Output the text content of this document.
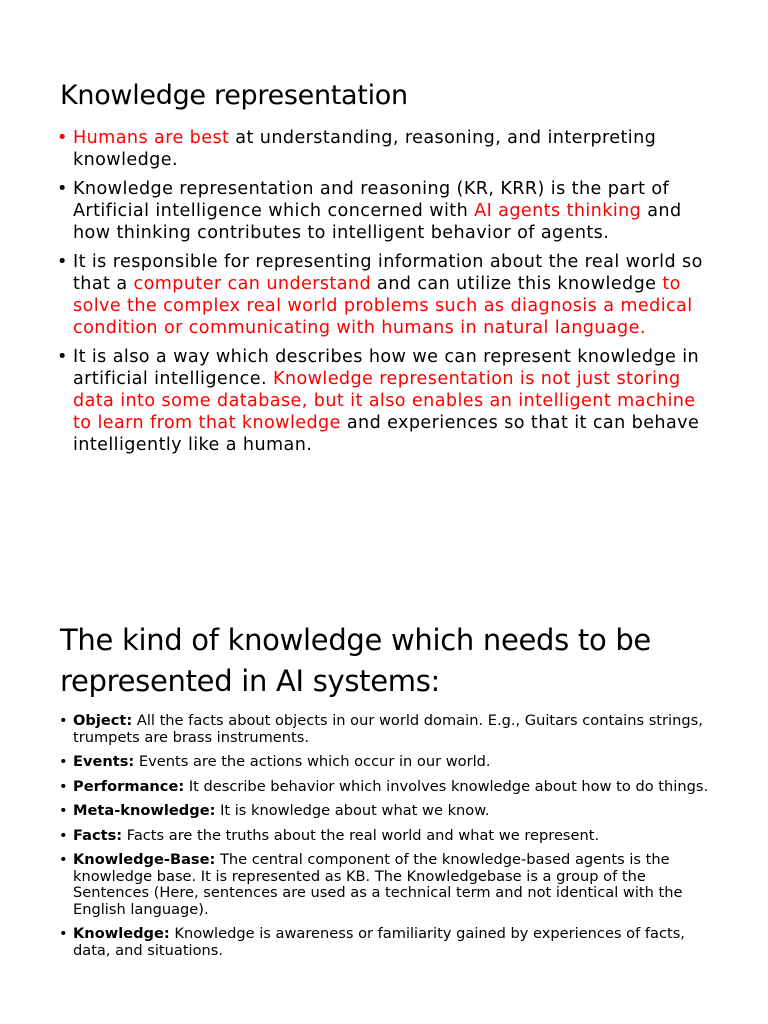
Knowledge representation
• Humans are best at understanding, reasoning, and interpreting knowledge.
• Knowledge representation and reasoning (KR, KRR) is the part of Artificial intelligence which concerned with AI agents thinking and how thinking contributes to intelligent behavior of agents.
• It is responsible for representing information about the real world so that a computer can understand and can utilize this knowledge to solve the complex real world problems such as diagnosis a medical condition or communicating with humans in natural language.
• It is also a way which describes how we can represent knowledge in artificial intelligence. Knowledge representation is not just storing data into some database, but it also enables an intelligent machine to learn from that knowledge and experiences so that it can behave intelligently like a human.
The kind of knowledge which needs to be represented in AI systems:
• Object: All the facts about objects in our world domain. E.g., Guitars contains strings, trumpets are brass instruments.
• Events: Events are the actions which occur in our world.
• Performance: It describe behavior which involves knowledge about how to do things.
• Meta-knowledge: It is knowledge about what we know.
• Facts: Facts are the truths about the real world and what we represent.
• Knowledge-Base: The central component of the knowledge-based agents is the knowledge base. It is represented as KB. The Knowledgebase is a group of the Sentences (Here, sentences are used as a technical term and not identical with the English language).
• Knowledge: Knowledge is awareness or familiarity gained by experiences of facts, data, and situations.
